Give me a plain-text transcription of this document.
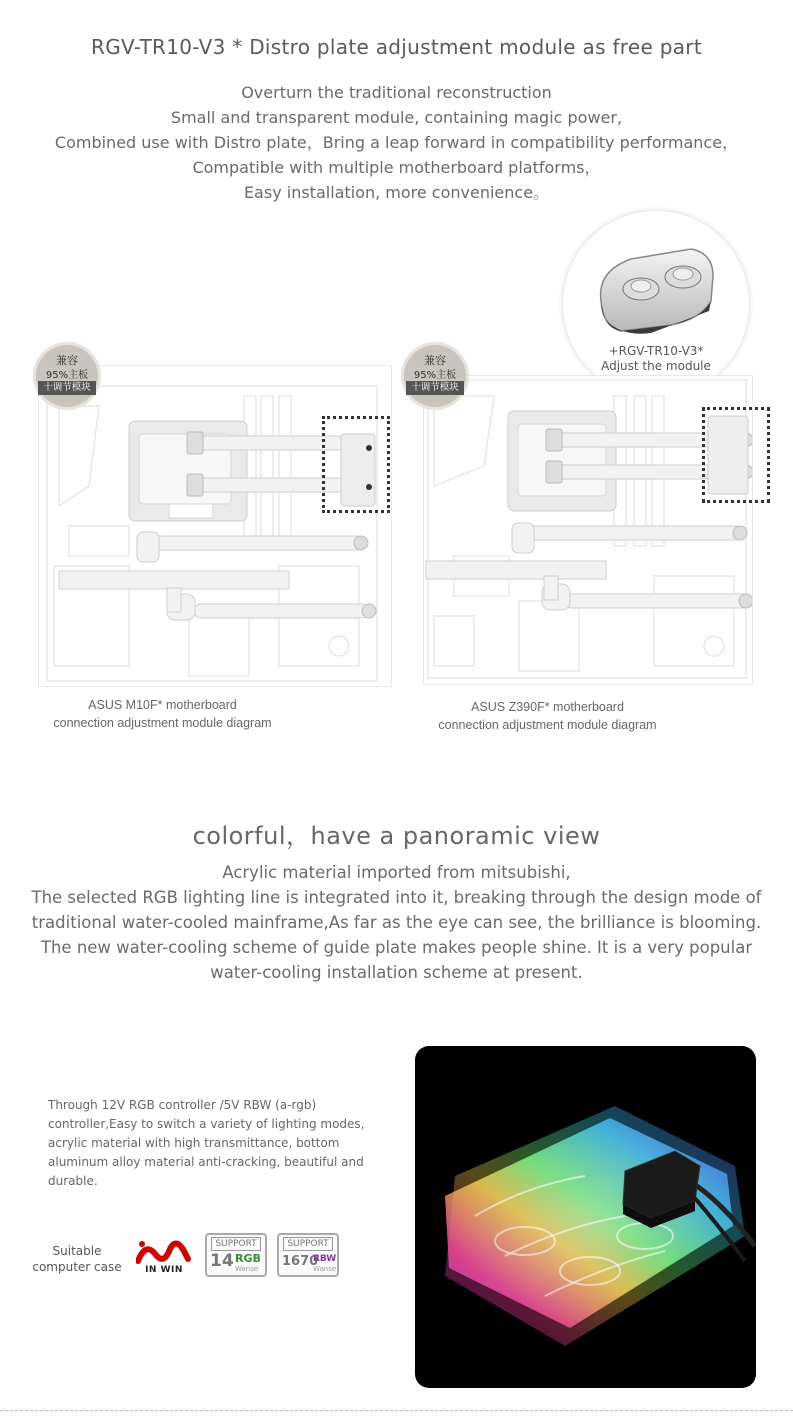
RGV-TR10-V3 * Distro plate adjustment module as free part
Overturn the traditional reconstruction
Small and transparent module, containing magic power,
Combined use with Distro plate，Bring a leap forward in compatibility performance，
Compatible with multiple motherboard platforms，
Easy installation, more convenience。
+RGV-TR10-V3*
Adjust the module
兼容
95%主板
十调节模块
兼容
95%主板
十调节模块
ASUS M10F* motherboard
connection adjustment module diagram
ASUS Z390F* motherboard
connection adjustment module diagram
colorful，have a panoramic view
Acrylic material imported from mitsubishi,
The selected RGB lighting line is integrated into it, breaking through the design mode of
traditional water-cooled mainframe,As far as the eye can see, the brilliance is blooming.
The new water-cooling scheme of guide plate makes people shine. It is a very popular
water-cooling installation scheme at present.
Through 12V RGB controller /5V RBW (a-rgb)
controller,Easy to switch a variety of lighting modes,
acrylic material with high transmittance, bottom
aluminum alloy material anti-cracking, beautiful and
durable.
Suitable
computer case	IN WIN
SUPPORT
14 RGB
Wanse
SUPPORT
1670
RBW
Wanse
